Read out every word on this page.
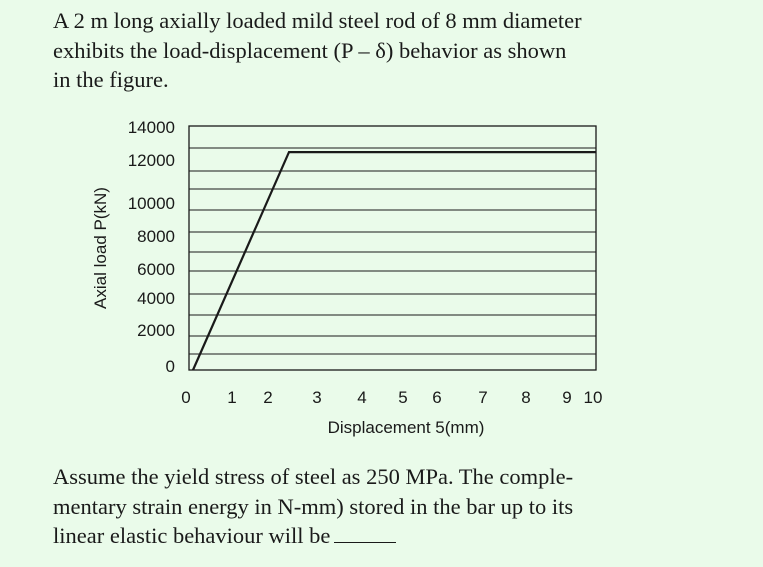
A 2 m long axially loaded mild steel rod of 8 mm diameter
exhibits the load-displacement (P – δ) behavior as shown
in the figure.
14000
12000
10000
8000
6000
4000
2000
0
0 1 2 3 4 5 6 7 8 9 10
Displacement 5(mm)
Axial load P(kN)
Assume the yield stress of steel as 250 MPa. The comple-
mentary strain energy in N-mm) stored in the bar up to its
linear elastic behaviour will be
